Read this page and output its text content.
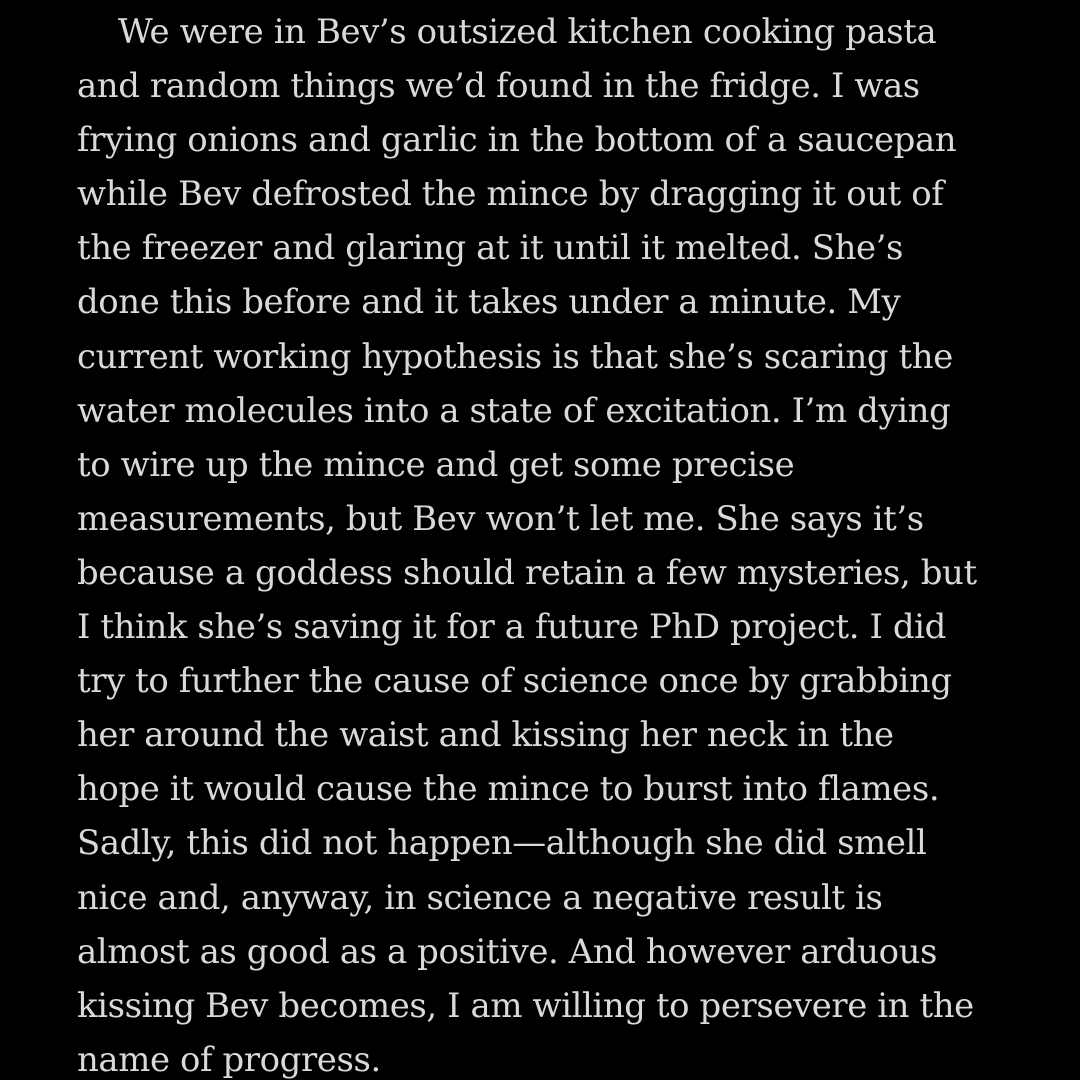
We were in Bev’s outsized kitchen cooking pasta
and random things we’d found in the fridge. I was
frying onions and garlic in the bottom of a saucepan
while Bev defrosted the mince by dragging it out of
the freezer and glaring at it until it melted. She’s
done this before and it takes under a minute. My
current working hypothesis is that she’s scaring the
water molecules into a state of excitation. I’m dying
to wire up the mince and get some precise
measurements, but Bev won’t let me. She says it’s
because a goddess should retain a few mysteries, but
I think she’s saving it for a future PhD project. I did
try to further the cause of science once by grabbing
her around the waist and kissing her neck in the
hope it would cause the mince to burst into flames.
Sadly, this did not happen—although she did smell
nice and, anyway, in science a negative result is
almost as good as a positive. And however arduous
kissing Bev becomes, I am willing to persevere in the
name of progress.
